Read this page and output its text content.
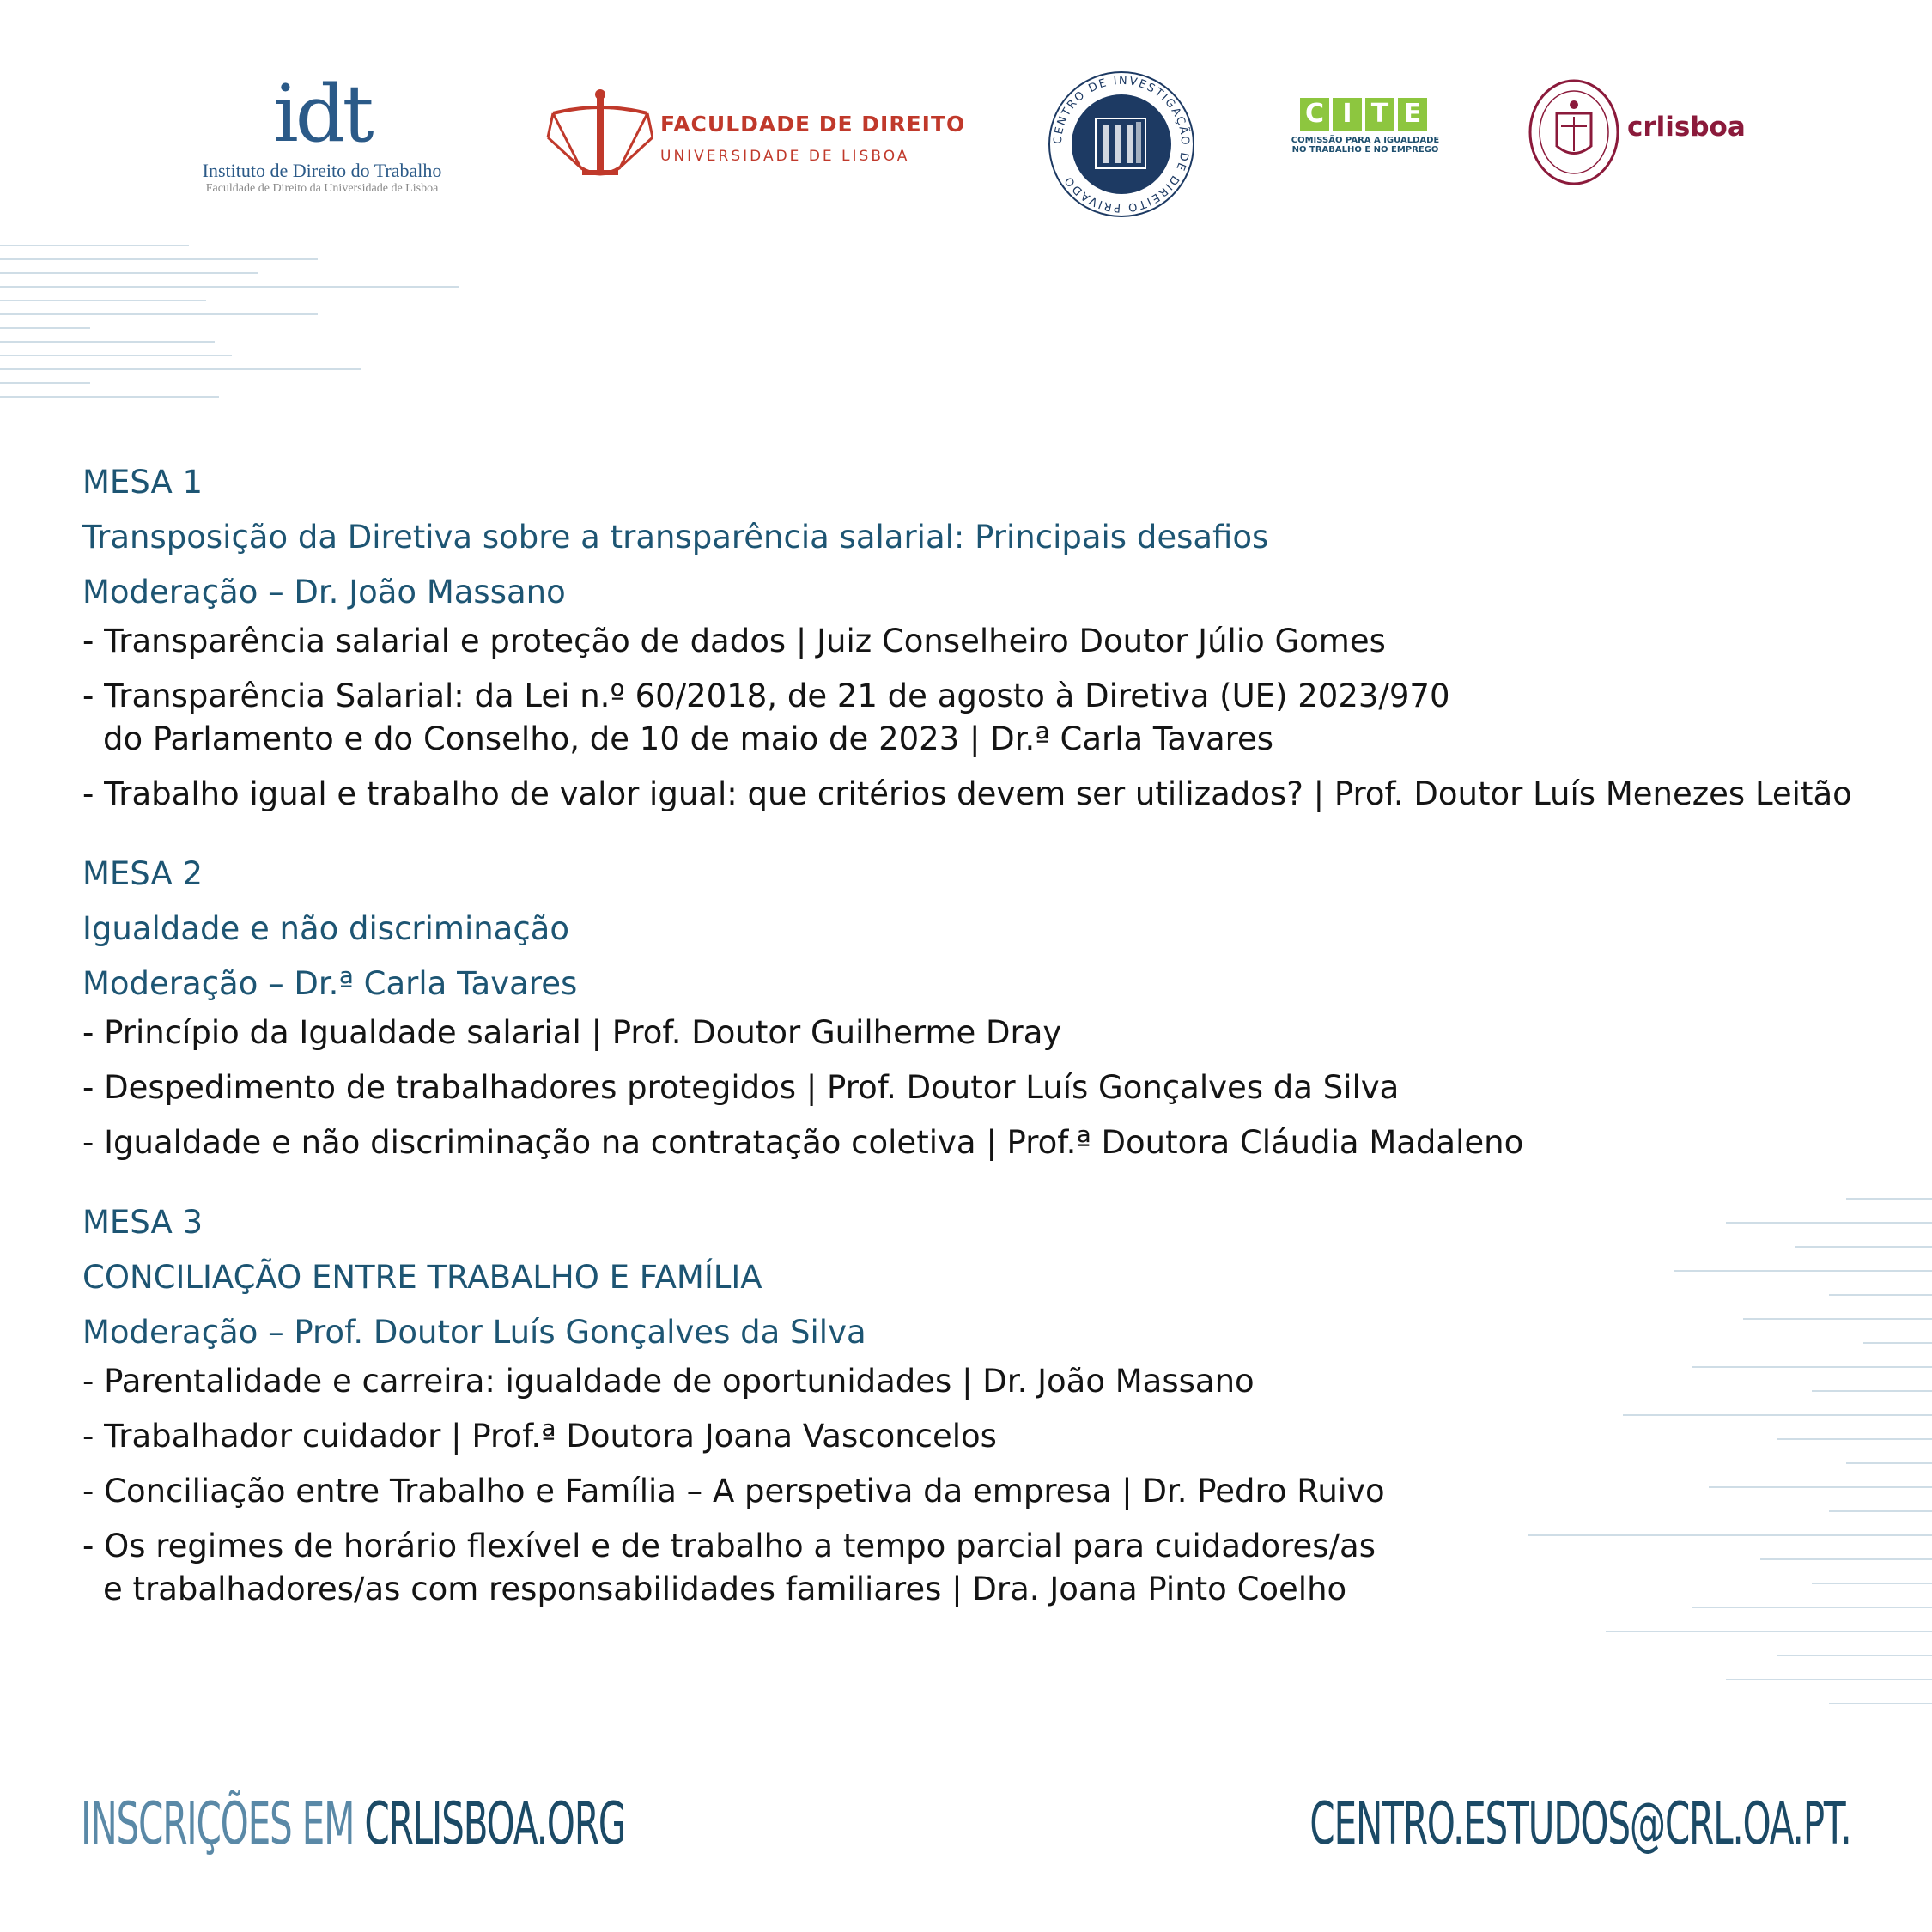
idt
Instituto de Direito do Trabalho
Faculdade de Direito da Universidade de Lisboa
FACULDADE DE DIREITO
UNIVERSIDADE DE LISBOA
CENTRO DE INVESTIGAÇÃO DE DIREITO PRIVADO
C I T E
COMISSÃO PARA A IGUALDADE
NO TRABALHO E NO EMPREGO
crlisboa
MESA 1
Transposição da Diretiva sobre a transparência salarial: Principais desafios
Moderação – Dr. João Massano
- Transparência salarial e proteção de dados | Juiz Conselheiro Doutor Júlio Gomes
- Transparência Salarial: da Lei n.º 60/2018, de 21 de agosto à Diretiva (UE) 2023/970
do Parlamento e do Conselho, de 10 de maio de 2023 | Dr.ª Carla Tavares
- Trabalho igual e trabalho de valor igual: que critérios devem ser utilizados? | Prof. Doutor Luís Menezes Leitão
MESA 2
Igualdade e não discriminação
Moderação – Dr.ª Carla Tavares
- Princípio da Igualdade salarial | Prof. Doutor Guilherme Dray
- Despedimento de trabalhadores protegidos | Prof. Doutor Luís Gonçalves da Silva
- Igualdade e não discriminação na contratação coletiva | Prof.ª Doutora Cláudia Madaleno
MESA 3
CONCILIAÇÃO ENTRE TRABALHO E FAMÍLIA
Moderação – Prof. Doutor Luís Gonçalves da Silva
- Parentalidade e carreira: igualdade de oportunidades | Dr. João Massano
- Trabalhador cuidador | Prof.ª Doutora Joana Vasconcelos
- Conciliação entre Trabalho e Família – A perspetiva da empresa | Dr. Pedro Ruivo
- Os regimes de horário flexível e de trabalho a tempo parcial para cuidadores/as
e trabalhadores/as com responsabilidades familiares | Dra. Joana Pinto Coelho
INSCRIÇÕES EM CRLISBOA.ORG	CENTRO.ESTUDOS@CRL.OA.PT.
